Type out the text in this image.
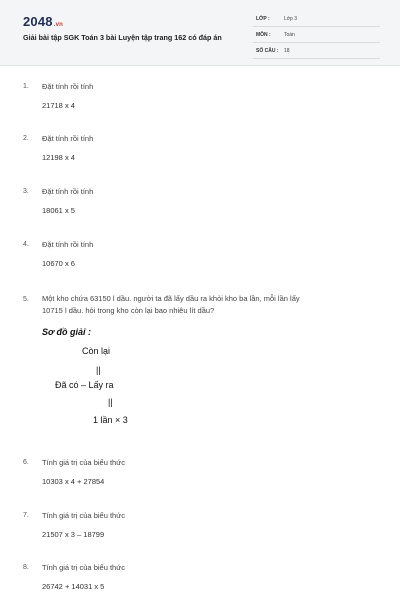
2048.vn
Giải bài tập SGK Toán 3 bài Luyện tập trang 162 có đáp án
LỚP :	Lớp 3
MÔN :	Toán
SỐ CÂU : 18
1. Đặt tính rồi tính
21718 x 4
2. Đặt tính rồi tính
12198 x 4
3. Đặt tính rồi tính
18061 x 5
4. Đặt tính rồi tính
10670 x 6
5. Một kho chứa 63150 l dầu. người ta đã lấy dầu ra khỏi kho ba lần, mỗi lần lấy
10715 l dầu. hỏi trong kho còn lại bao nhiêu lít dầu?
Sơ đồ giải :
Còn lại
||
Đã có – Lấy ra
||
1 lần × 3
6. Tính giá trị của biểu thức
10303 x 4 + 27854
7. Tính giá trị của biểu thức
21507 x 3 – 18799
8. Tính giá trị của biểu thức
26742 + 14031 x 5
